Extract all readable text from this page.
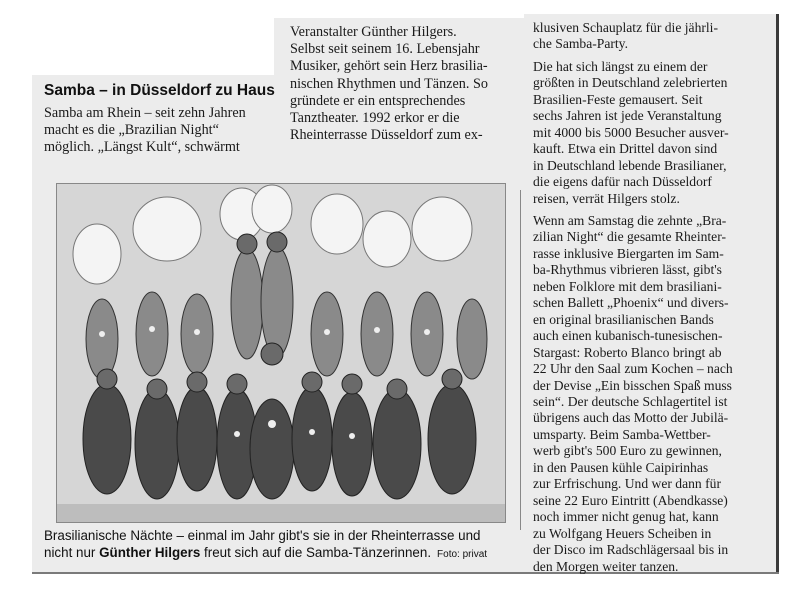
Samba – in Düsseldorf zu Haus
Samba am Rhein – seit zehn Jahren
macht es die „Brazilian Night“
möglich. „Längst Kult“, schwärmt
Veranstalter Günther Hilgers.
Selbst seit seinem 16. Lebensjahr
Musiker, gehört sein Herz brasilia-
nischen Rhythmen und Tänzen. So
gründete er ein entsprechendes
Tanztheater. 1992 erkor er die
Rheinterrasse Düsseldorf zum ex-
klusiven Schauplatz für die jährli-
che Samba-Party.
Die hat sich längst zu einem der
größten in Deutschland zelebrierten
Brasilien-Feste gemausert. Seit
sechs Jahren ist jede Veranstaltung
mit 4000 bis 5000 Besucher ausver-
kauft. Etwa ein Drittel davon sind
in Deutschland lebende Brasilianer,
die eigens dafür nach Düsseldorf
reisen, verrät Hilgers stolz.
Wenn am Samstag die zehnte „Bra-
zilian Night“ die gesamte Rheinter-
rasse inklusive Biergarten im Sam-
ba-Rhythmus vibrieren lässt, gibt's
neben Folklore mit dem brasiliani-
schen Ballett „Phoenix“ und divers-
en original brasilianischen Bands
auch einen kubanisch-tunesischen-
Stargast: Roberto Blanco bringt ab
22 Uhr den Saal zum Kochen – nach
der Devise „Ein bisschen Spaß muss
sein“. Der deutsche Schlagertitel ist
übrigens auch das Motto der Jubilä-
umsparty. Beim Samba-Wettber-
werb gibt's 500 Euro zu gewinnen,
in den Pausen kühle Caipirinhas
zur Erfrischung. Und wer dann für
seine 22 Euro Eintritt (Abendkasse)
noch immer nicht genug hat, kann
zu Wolfgang Heuers Scheiben in
der Disco im Radschlägersaal bis in
den Morgen weiter tanzen.
Brasilianische Nächte – einmal im Jahr gibt's sie in der Rheinterrasse und
nicht nur Günther Hilgers freut sich auf die Samba-Tänzerinnen. Foto: privat
